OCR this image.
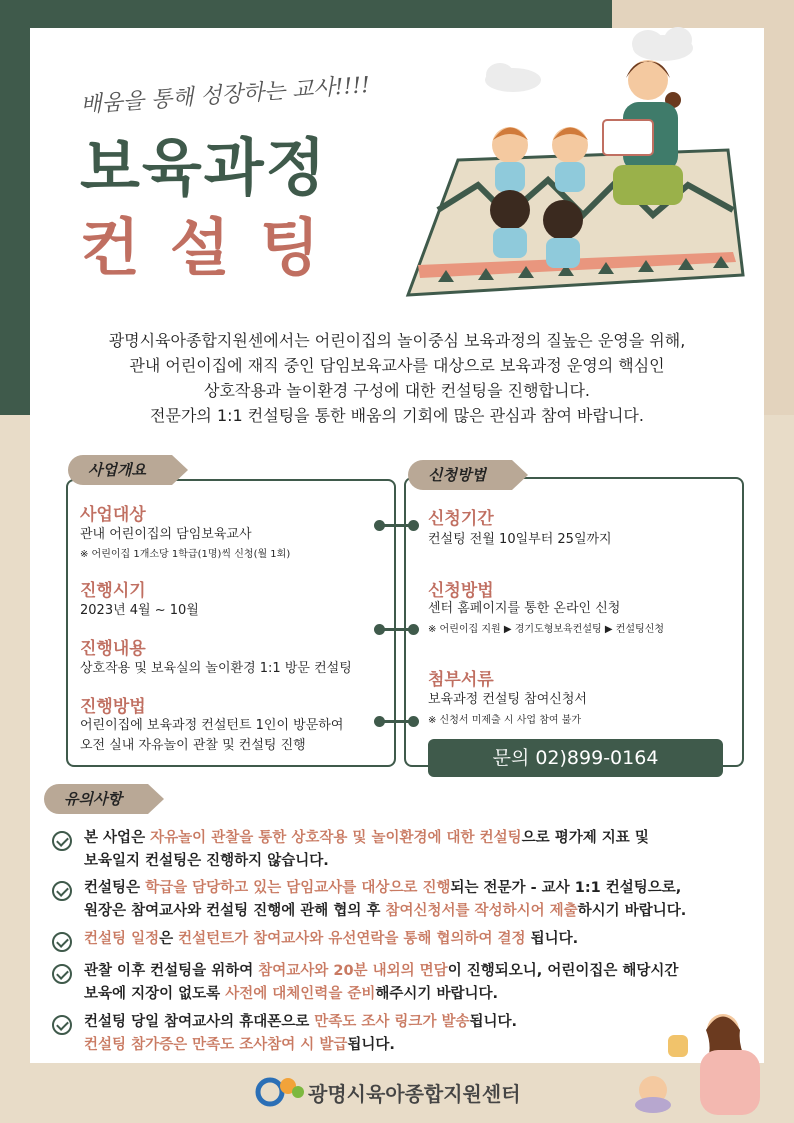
배움을 통해 성장하는 교사!!!!
보육과정
컨설팅
광명시육아종합지원센에서는 어린이집의 놀이중심 보육과정의 질높은 운영을 위해,
관내 어린이집에 재직 중인 담임보육교사를 대상으로 보육과정 운영의 핵심인
상호작용과 놀이환경 구성에 대한 컨설팅을 진행합니다.
전문가의 1:1 컨설팅을 통한 배움의 기회에 많은 관심과 참여 바랍니다.
사업개요
사업대상
관내 어린이집의 담임보육교사
※ 어린이집 1개소당 1학급(1명)씩 신청(월 1회)
진행시기
2023년 4월 ~ 10월
진행내용
상호작용 및 보육실의 놀이환경 1:1 방문 컨설팅
진행방법
어린이집에 보육과정 컨설턴트 1인이 방문하여
오전 실내 자유놀이 관찰 및 컨설팅 진행
신청방법
신청기간
컨설팅 전월 10일부터 25일까지
신청방법
센터 홈페이지를 통한 온라인 신청
※ 어린이집 지원 ▶ 경기도형보육컨설팅 ▶ 컨설팅신청
첨부서류
보육과정 컨설팅 참여신청서
※ 신청서 미제출 시 사업 참여 불가
문의 02)899-0164
유의사항
본 사업은 자유놀이 관찰을 통한 상호작용 및 놀이환경에 대한 컨설팅으로 평가제 지표 및
보육일지 컨설팅은 진행하지 않습니다.
컨설팅은 학급을 담당하고 있는 담임교사를 대상으로 진행되는 전문가 - 교사 1:1 컨설팅으로,
원장은 참여교사와 컨설팅 진행에 관해 협의 후 참여신청서를 작성하시어 제출하시기 바랍니다.
컨설팅 일정은 컨설턴트가 참여교사와 유선연락을 통해 협의하여 결정 됩니다.
관찰 이후 컨설팅을 위하여 참여교사와 20분 내외의 면담이 진행되오니, 어린이집은 해당시간
보육에 지장이 없도록 사전에 대체인력을 준비해주시기 바랍니다.
컨설팅 당일 참여교사의 휴대폰으로 만족도 조사 링크가 발송됩니다.
컨설팅 참가증은 만족도 조사참여 시 발급됩니다.
광명시육아종합지원센터
